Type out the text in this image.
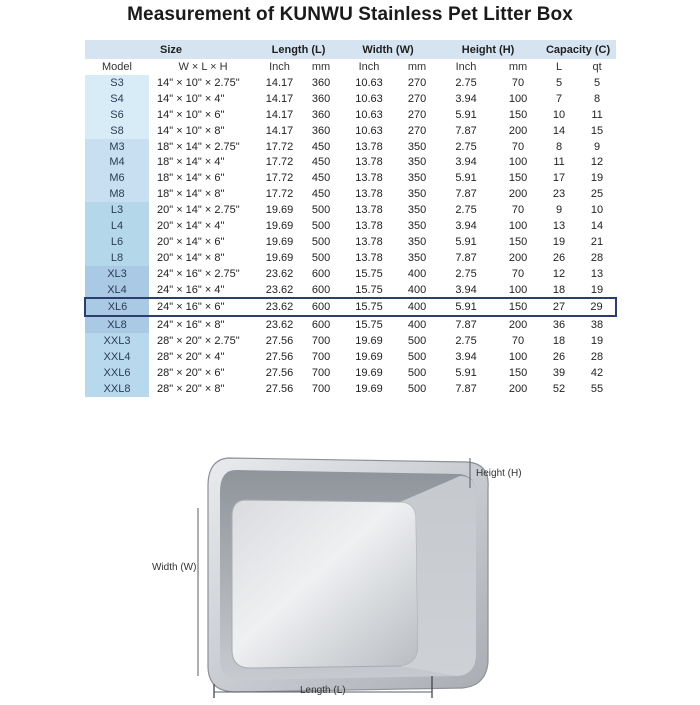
Measurement of KUNWU Stainless Pet Litter Box
Size		Length (L)		Width (W)		Height (H)		Capacity (C)	
Model	W × L × H	Inch	mm	Inch	mm	Inch	mm	L	qt
S3	14" × 10" × 2.75"	14.17	360	10.63	270	2.75	70	5	5
S4	14" × 10" × 4"	14.17	360	10.63	270	3.94	100	7	8
S6	14" × 10" × 6"	14.17	360	10.63	270	5.91	150	10	11
S8	14" × 10" × 8"	14.17	360	10.63	270	7.87	200	14	15
M3	18" × 14" × 2.75"	17.72	450	13.78	350	2.75	70	8	9
M4	18" × 14" × 4"	17.72	450	13.78	350	3.94	100	11	12
M6	18" × 14" × 6"	17.72	450	13.78	350	5.91	150	17	19
M8	18" × 14" × 8"	17.72	450	13.78	350	7.87	200	23	25
L3	20" × 14" × 2.75"	19.69	500	13.78	350	2.75	70	9	10
L4	20" × 14" × 4"	19.69	500	13.78	350	3.94	100	13	14
L6	20" × 14" × 6"	19.69	500	13.78	350	5.91	150	19	21
L8	20" × 14" × 8"	19.69	500	13.78	350	7.87	200	26	28
XL3	24" × 16" × 2.75"	23.62	600	15.75	400	2.75	70	12	13
XL4	24" × 16" × 4"	23.62	600	15.75	400	3.94	100	18	19
XL6	24" × 16" × 6"	23.62	600	15.75	400	5.91	150	27	29
XL8	24" × 16" × 8"	23.62	600	15.75	400	7.87	200	36	38
XXL3	28" × 20" × 2.75"	27.56	700	19.69	500	2.75	70	18	19
XXL4	28" × 20" × 4"	27.56	700	19.69	500	3.94	100	26	28
XXL6	28" × 20" × 6"	27.56	700	19.69	500	5.91	150	39	42
XXL8	28" × 20" × 8"	27.56	700	19.69	500	7.87	200	52	55
Height (H)
Width (W)
Length (L)
